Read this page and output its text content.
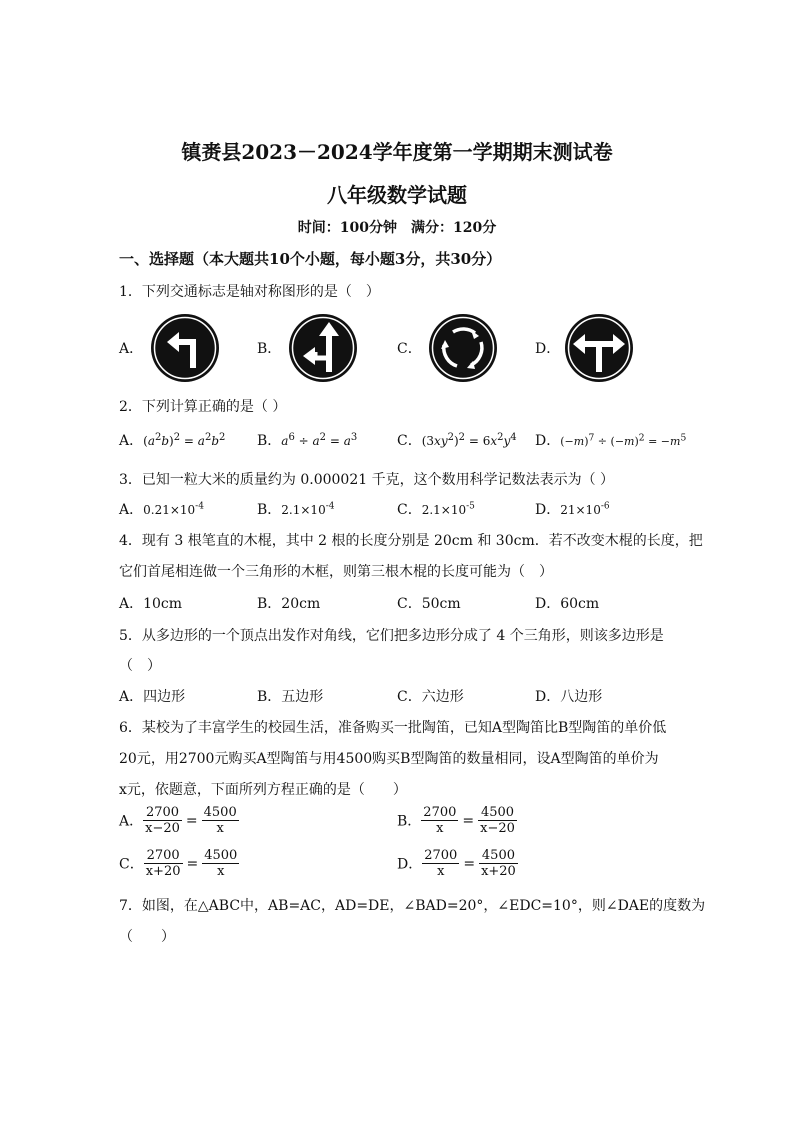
镇赉县2023－2024学年度第一学期期末测试卷
八年级数学试题
时间：100分钟　满分：120分
一、选择题（本大题共10个小题，每小题3分，共30分）
1．下列交通标志是轴对称图形的是（　）
A．	B．	C．	D．
2．下列计算正确的是（ ）
A．$(a^2b)^2 = a^2b^2$ B．$a^6 \div a^2 = a^3$	C．$(3xy^2)^2 = 6x^2y^4$ D．$(-m)^7 \div (-m)^2 = -m^5$
3．已知一粒大米的质量约为 0.000021 千克，这个数用科学记数法表示为（ ）
A．$0.21\times 10^{-4}$	B．$2.1\times 10^{-4}$	C．$2.1\times 10^{-5}$	D．$21\times 10^{-6}$
4．现有 3 根笔直的木棍，其中 2 根的长度分别是 20cm 和 30cm．若不改变木棍的长度，把
它们首尾相连做一个三角形的木框，则第三根木棍的长度可能为（　）
A．10cm	B．20cm	C．50cm	D．60cm
5．从多边形的一个顶点出发作对角线，它们把多边形分成了 4 个三角形，则该多边形是
（　）
A．四边形	B．五边形	C．六边形	D．八边形
6．某校为了丰富学生的校园生活，准备购买一批陶笛，已知A型陶笛比B型陶笛的单价低
20元，用2700元购买A型陶笛与用4500购买B型陶笛的数量相同，设A型陶笛的单价为
x元，依题意，下面所列方程正确的是（　　）
A． $\frac{2700}{x-20} = \frac{4500}{x}$	B． $\frac{2700}{x} = \frac{4500}{x-20}$
C． $\frac{2700}{x+20} = \frac{4500}{x}$	D． $\frac{2700}{x} = \frac{4500}{x+20}$
7．如图，在△ABC中，AB=AC，AD=DE，∠BAD=20°，∠EDC=10°，则∠DAE的度数为
（　　）
